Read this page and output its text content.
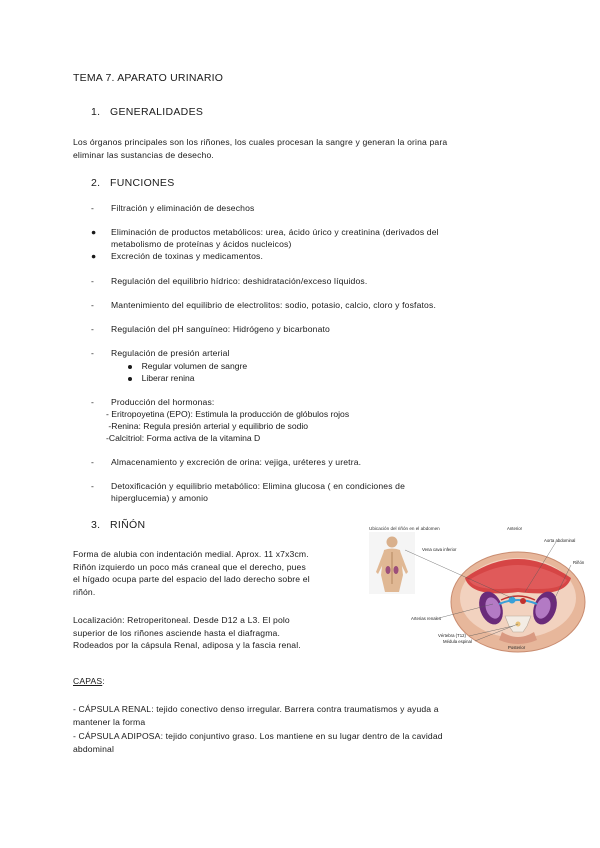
TEMA 7. APARATO URINARIO
1. GENERALIDADES
Los órganos principales son los riñones, los cuales procesan la sangre y generan la orina para
eliminar las sustancias de desecho.
2. FUNCIONES
-	Filtración y eliminación de desechos
●	Eliminación de productos metabólicos: urea, ácido úrico y creatinina (derivados del
metabolismo de proteínas y ácidos nucleicos)
●	Excreción de toxinas y medicamentos.
-	Regulación del equilibrio hídrico: deshidratación/exceso líquidos.
-	Mantenimiento del equilibrio de electrolitos: sodio, potasio, calcio, cloro y fosfatos.
-	Regulación del pH sanguíneo: Hidrógeno y bicarbonato
-	Regulación de presión arterial
Regular volumen de sangre
Liberar renina
-	Producción del hormonas:
- Eritropoyetina (EPO): Estimula la producción de glóbulos rojos
-Renina: Regula presión arterial y equilibrio de sodio
-Calcitriol: Forma activa de la vitamina D
-	Almacenamiento y excreción de orina: vejiga, uréteres y uretra.
-	Detoxificación y equilibrio metabólico: Elimina glucosa ( en condiciones de
hiperglucemia) y amonio
3. RIÑÓN
Forma de alubia con indentación medial. Aprox. 11 x7x3cm.
Riñón izquierdo un poco más craneal que el derecho, pues
el hígado ocupa parte del espacio del lado derecho sobre el
riñón.
Localización: Retroperitoneal. Desde D12 a L3. El polo
superior de los riñones asciende hasta el diafragma.
Rodeados por la cápsula Renal, adiposa y la fascia renal.
Ubicación del riñón en el abdomen	Anterior
Aorta abdominal
Vena cava inferior
Riñón
Arterias renales
Vértebra (T12)
Médula espinal
Posterior
CAPAS:
- CÁPSULA RENAL: tejido conectivo denso irregular. Barrera contra traumatismos y ayuda a
mantener la forma
- CÁPSULA ADIPOSA: tejido conjuntivo graso. Los mantiene en su lugar dentro de la cavidad
abdominal
